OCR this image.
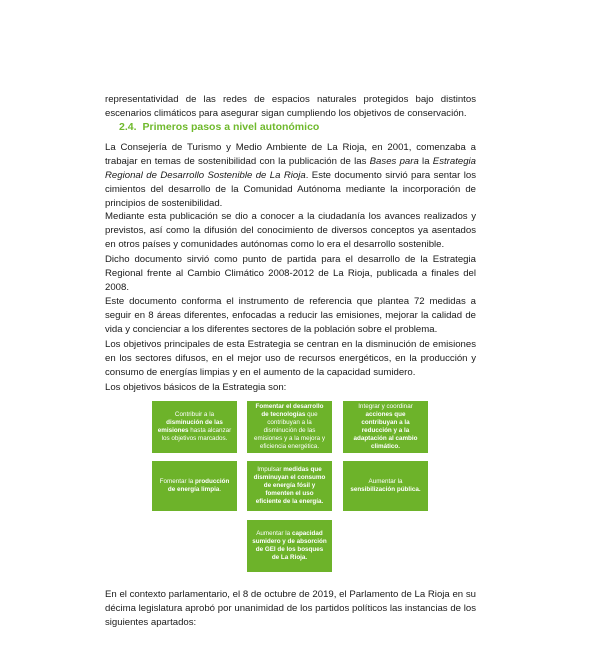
representatividad de las redes de espacios naturales protegidos bajo distintos escenarios climáticos para asegurar sigan cumpliendo los objetivos de conservación.

2.4. Primeros pasos a nivel autonómico

La Consejería de Turismo y Medio Ambiente de La Rioja, en 2001, comenzaba a trabajar en temas de sostenibilidad con la publicación de las Bases para la Estrategia Regional de Desarrollo Sostenible de La Rioja. Este documento sirvió para sentar los cimientos del desarrollo de la Comunidad Autónoma mediante la incorporación de principios de sostenibilidad.

Mediante esta publicación se dio a conocer a la ciudadanía los avances realizados y previstos, así como la difusión del conocimiento de diversos conceptos ya asentados en otros países y comunidades autónomas como lo era el desarrollo sostenible.

Dicho documento sirvió como punto de partida para el desarrollo de la Estrategia Regional frente al Cambio Climático 2008-2012 de La Rioja, publicada a finales del 2008.

Este documento conforma el instrumento de referencia que plantea 72 medidas a seguir en 8 áreas diferentes, enfocadas a reducir las emisiones, mejorar la calidad de vida y concienciar a los diferentes sectores de la población sobre el problema.

Los objetivos principales de esta Estrategia se centran en la disminución de emisiones en los sectores difusos, en el mejor uso de recursos energéticos, en la producción y consumo de energías limpias y en el aumento de la capacidad sumidero.

Los objetivos básicos de la Estrategia son:

Contribuir a la disminución de las emisiones hasta alcanzar los objetivos marcados.
Fomentar el desarrollo de tecnologías que contribuyan a la disminución de las emisiones y a la mejora y eficiencia energética.
Integrar y coordinar acciones que contribuyan a la reducción y a la adaptación al cambio climático.
Fomentar la producción de energía limpia.
Impulsar medidas que disminuyan el consumo de energía fósil y fomenten el uso eficiente de la energía.
Aumentar la sensibilización pública.
Aumentar la capacidad sumidero y de absorción de GEI de los bosques de La Rioja.

En el contexto parlamentario, el 8 de octubre de 2019, el Parlamento de La Rioja en su décima legislatura aprobó por unanimidad de los partidos políticos las instancias de los siguientes apartados:
